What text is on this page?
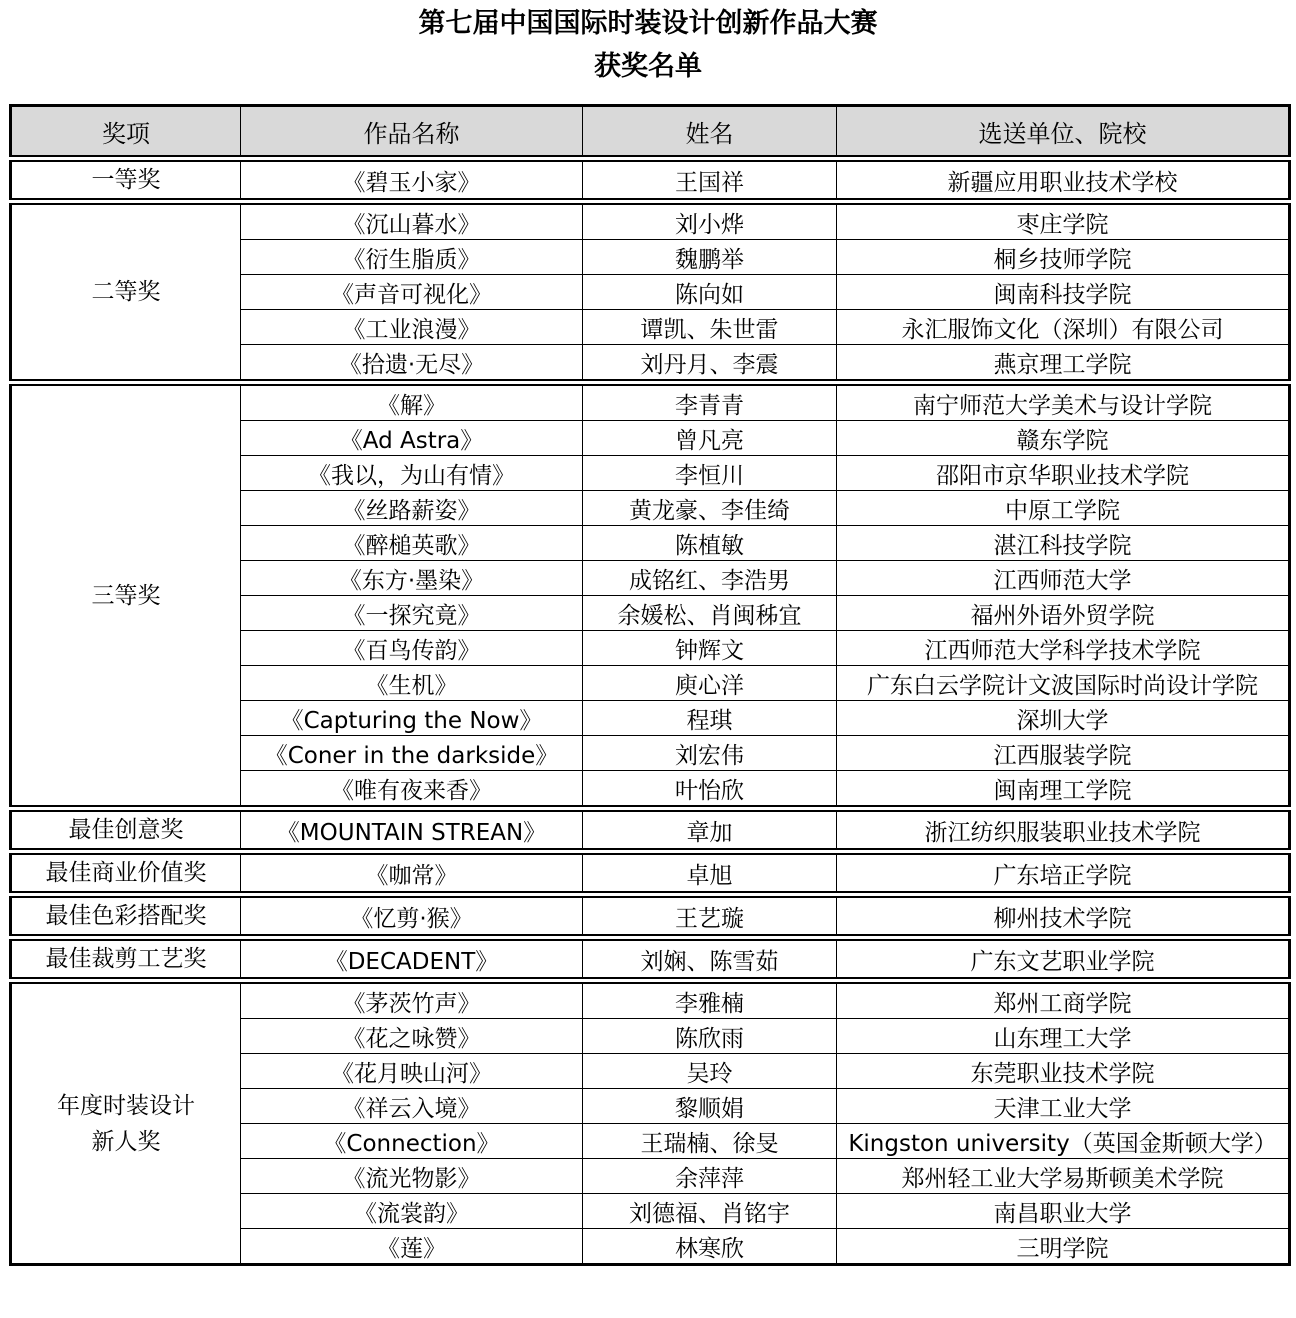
第七届中国国际时装设计创新作品大赛
获奖名单
奖项	作品名称	姓名	选送单位、院校
一等奖	《碧玉小家》	王国祥	新疆应用职业技术学校
二等奖	《沉山暮水》	刘小烨	枣庄学院
	《衍生脂质》	魏鹏举	桐乡技师学院
	《声音可视化》	陈向如	闽南科技学院
	《工业浪漫》	谭凯、朱世雷	永汇服饰文化（深圳）有限公司
	《拾遗·无尽》	刘丹月、李震	燕京理工学院
三等奖	《解》	李青青	南宁师范大学美术与设计学院
	《Ad Astra》	曾凡亮	赣东学院
	《我以，为山有情》	李恒川	邵阳市京华职业技术学院
	《丝路薪姿》	黄龙豪、李佳绮	中原工学院
	《醉槌英歌》	陈植敏	湛江科技学院
	《东方·墨染》	成铭红、李浩男	江西师范大学
	《一探究竟》	余媛松、肖闽秭宜	福州外语外贸学院
	《百鸟传韵》	钟辉文	江西师范大学科学技术学院
	《生机》	庾心洋	广东白云学院计文波国际时尚设计学院
	《Capturing the Now》	程琪	深圳大学
	《Coner in the darkside》	刘宏伟	江西服装学院
	《唯有夜来香》	叶怡欣	闽南理工学院
最佳创意奖	《MOUNTAIN STREAN》	章加	浙江纺织服装职业技术学院
最佳商业价值奖	《咖常》	卓旭	广东培正学院
最佳色彩搭配奖	《忆剪·猴》	王艺璇	柳州技术学院
最佳裁剪工艺奖	《DECADENT》	刘娴、陈雪茹	广东文艺职业学院
年度时装设计
新人奖	《茅茨竹声》	李雅楠	郑州工商学院
	《花之咏赞》	陈欣雨	山东理工大学
	《花月映山河》	吴玲	东莞职业技术学院
	《祥云入境》	黎顺娟	天津工业大学
	《Connection》	王瑞楠、徐旻	Kingston university（英国金斯顿大学）
	《流光物影》	余萍萍	郑州轻工业大学易斯顿美术学院
	《流裳韵》	刘德福、肖铭宇	南昌职业大学
	《莲》	林寒欣	三明学院
